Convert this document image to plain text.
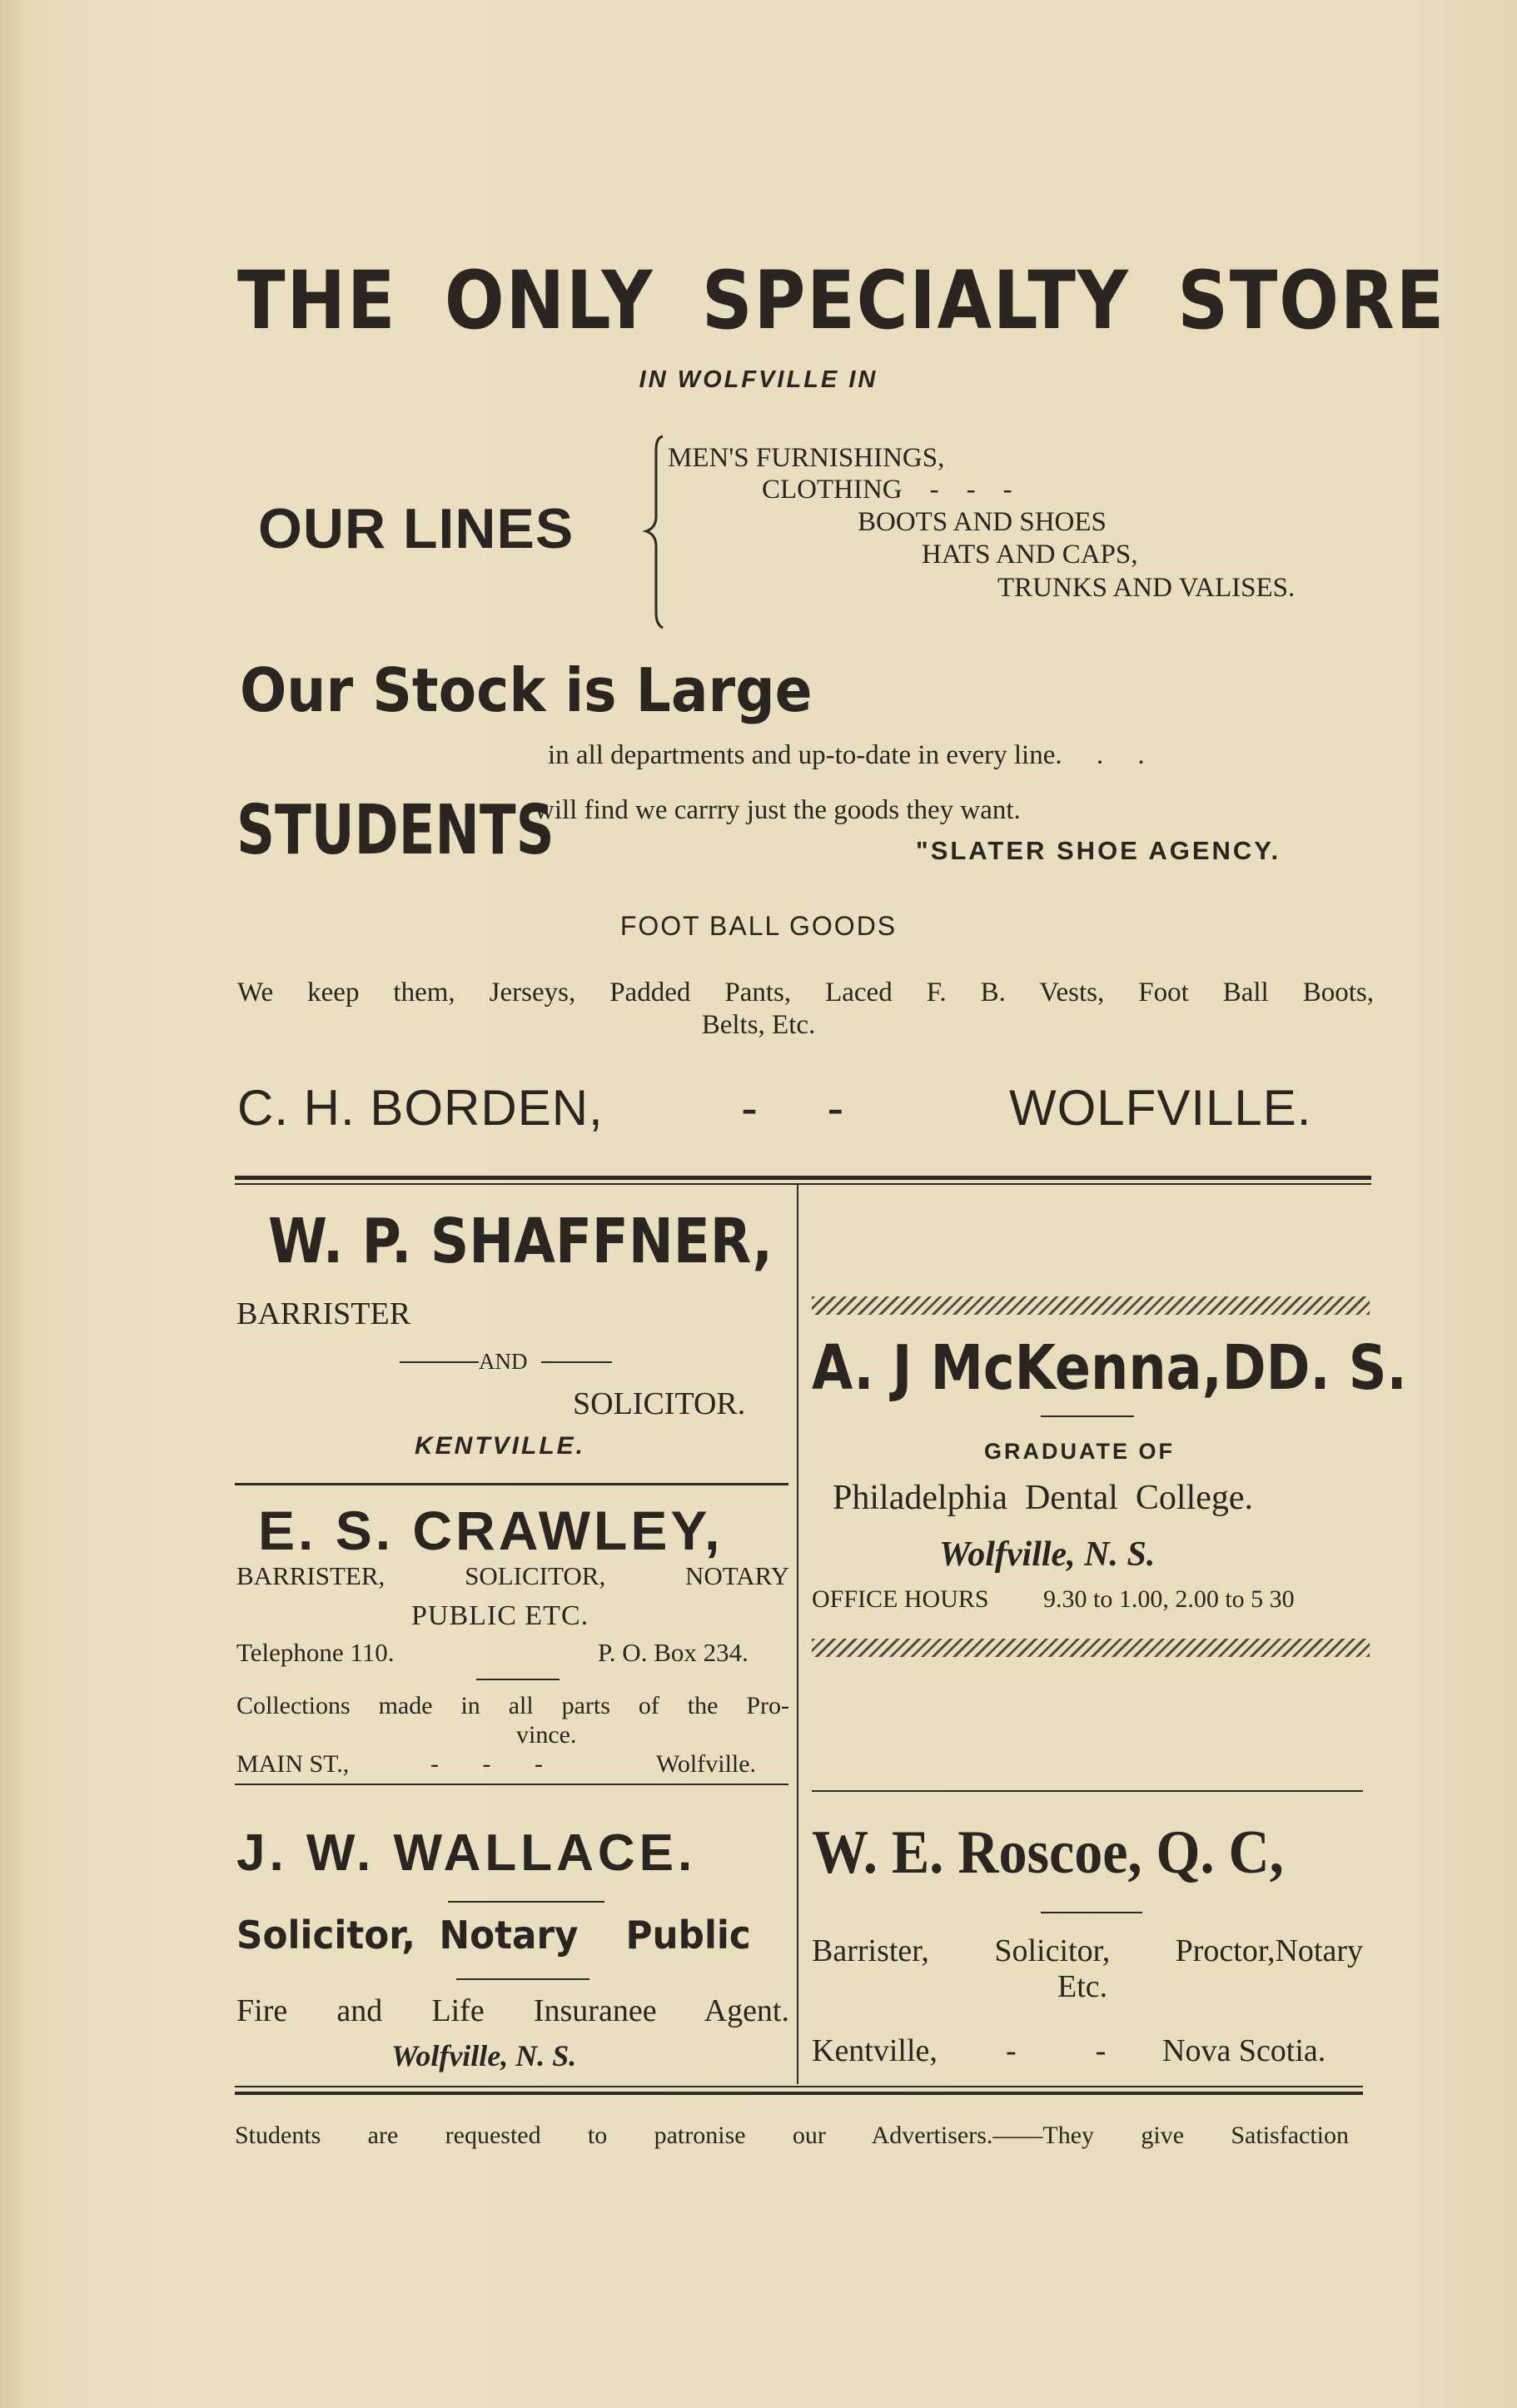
THE ONLY SPECIALTY STORE
IN WOLFVILLE IN
OUR LINES
MEN'S FURNISHINGS,
CLOTHING    -    -    -
BOOTS AND SHOES
HATS AND CAPS,
TRUNKS AND VALISES.
Our Stock is Large
in all departments and up-to-date in every line.     .     .
STUDENTS
will find we carrry just the goods they want.
"SLATER SHOE AGENCY.
FOOT BALL GOODS
We keep them, Jerseys, Padded Pants, Laced F. B. Vests, Foot Ball Boots,
Belts, Etc.
C. H. BORDEN,	-     -	WOLFVILLE.
W. P. SHAFFNER,
BARRISTER
AND
SOLICITOR.
KENTVILLE.
E. S. CRAWLEY,
BARRISTER,  SOLICITOR,  NOTARY
PUBLIC ETC.
Telephone 110.	P. O. Box 234.
Collections made in all parts of the Pro-
vince.
MAIN ST.,	-       -       -	Wolfville.
A. J McKenna,DD. S.
GRADUATE OF
Philadelphia  Dental  College.
Wolfville, N. S.
OFFICE HOURS 9.30 to 1.00, 2.00 to 5 30
J. W. WALLACE.
Solicitor, Notary  Public
Fire and Life Insuranee Agent.
Wolfville, N. S.
W. E. Roscoe, Q. C,
Barrister, Solicitor, Proctor,Notary
Etc.
Kentville, -          - Nova Scotia.
Students are requested to patronise our Advertisers.——They give Satisfaction
